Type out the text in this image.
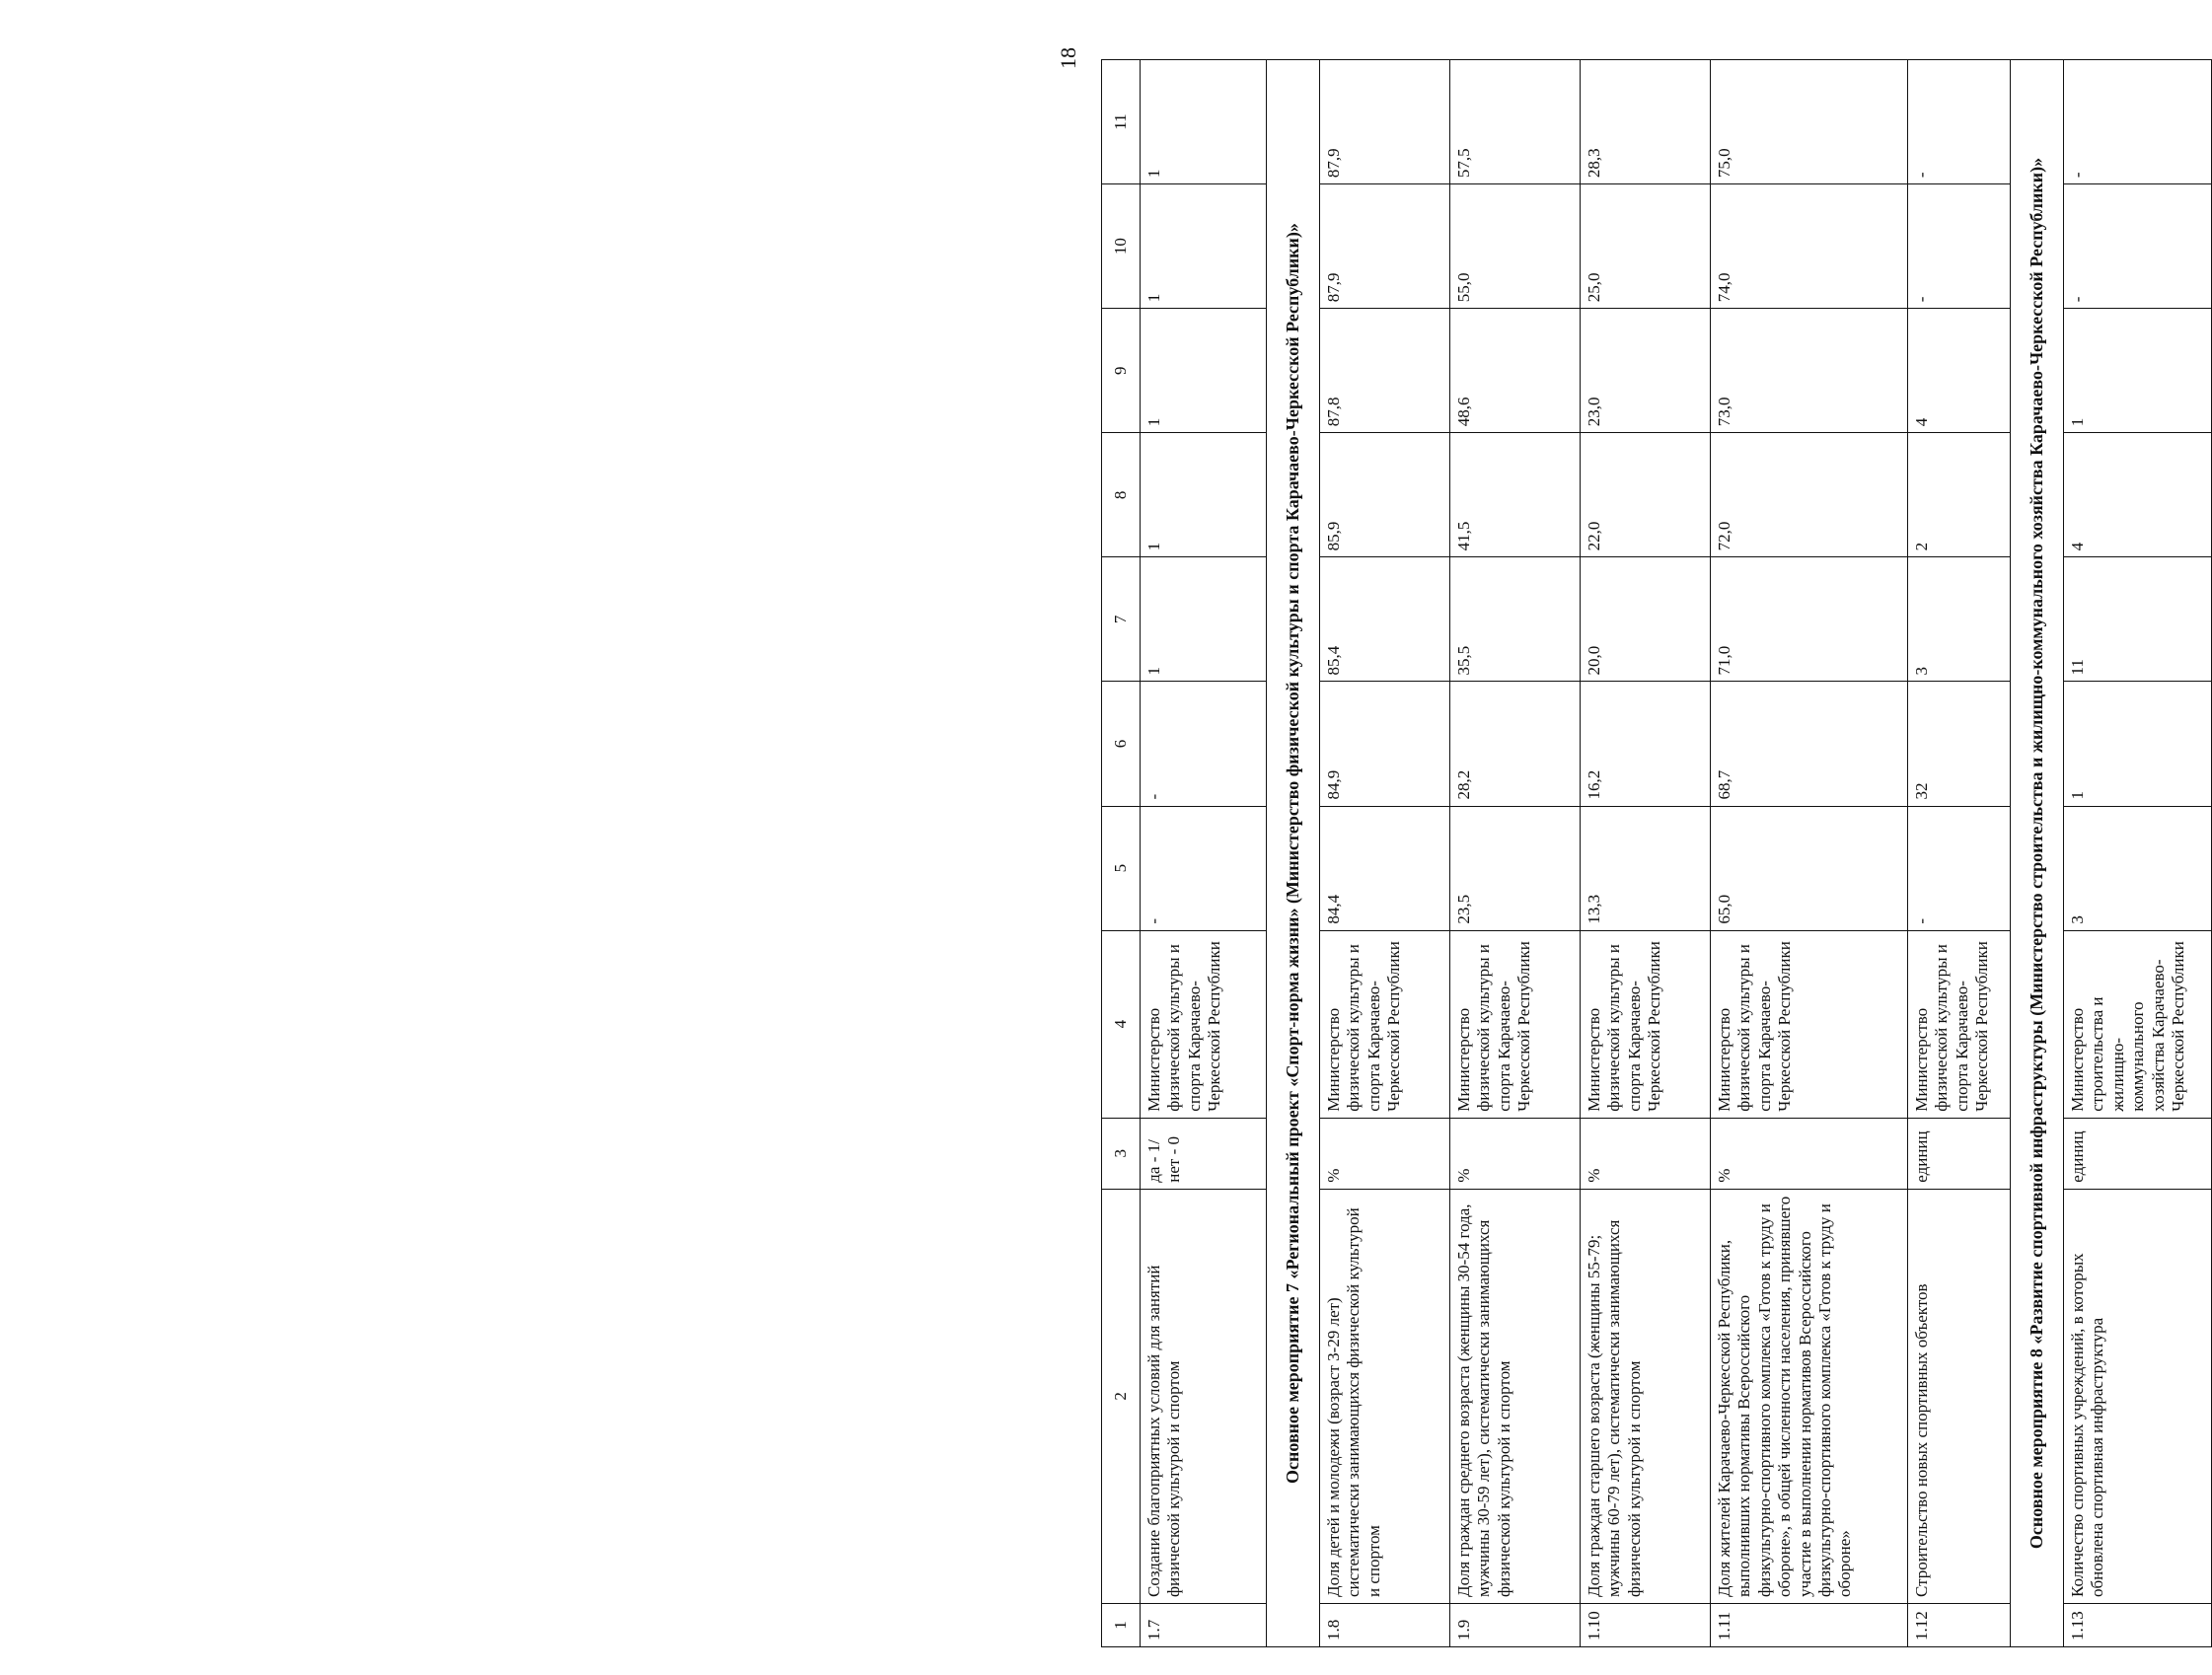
18
1	2	3	4	5	6	7	8	9	10	11
1.7	Создание благоприятных условий для занятий физической культурой и спортом	да - 1/ нет - 0	Министерство физической культуры и спорта Карачаево-Черкесской Республики	-	-	1	1	1	1	1
Основное мероприятие 7 «Региональный проект «Спорт-норма жизни» (Министерство физической культуры и спорта Карачаево-Черкесской Республики)»										
1.8	Доля детей и молодежи (возраст 3-29 лет) систематически занимающихся физической культурой и спортом	%	Министерство физической культуры и спорта Карачаево-Черкесской Республики	84,4	84,9	85,4	85,9	87,8	87,9	87,9
1.9	Доля граждан среднего возраста (женщины 30-54 года, мужчины 30-59 лет), систематически занимающихся физической культурой и спортом	%	Министерство физической культуры и спорта Карачаево-Черкесской Республики	23,5	28,2	35,5	41,5	48,6	55,0	57,5
1.10	Доля граждан старшего возраста (женщины 55-79; мужчины 60-79 лет), систематически занимающихся физической культурой и спортом	%	Министерство физической культуры и спорта Карачаево-Черкесской Республики	13,3	16,2	20,0	22,0	23,0	25,0	28,3
1.11	Доля жителей Карачаево-Черкесской Республики, выполнивших нормативы Всероссийского физкультурно-спортивного комплекса «Готов к труду и обороне», в общей численности населения, принявшего участие в выполнении нормативов Всероссийского физкультурно-спортивного комплекса «Готов к труду и обороне»	%	Министерство физической культуры и спорта Карачаево-Черкесской Республики	65,0	68,7	71,0	72,0	73,0	74,0	75,0
1.12	Строительство новых спортивных объектов	единиц	Министерство физической культуры и спорта Карачаево-Черкесской Республики	-	32	3	2	4	-	-
Основное мероприятие 8 «Развитие спортивной инфраструктуры (Министерство строительства и жилищно-коммунального хозяйства Карачаево-Черкесской Республики)»										
1.13	Количество спортивных учреждений, в которых обновлена спортивная инфраструктура	единиц	Министерство строительства и жилищно-коммунального хозяйства Карачаево-Черкесской Республики	3	1	11	4	1	-	-
